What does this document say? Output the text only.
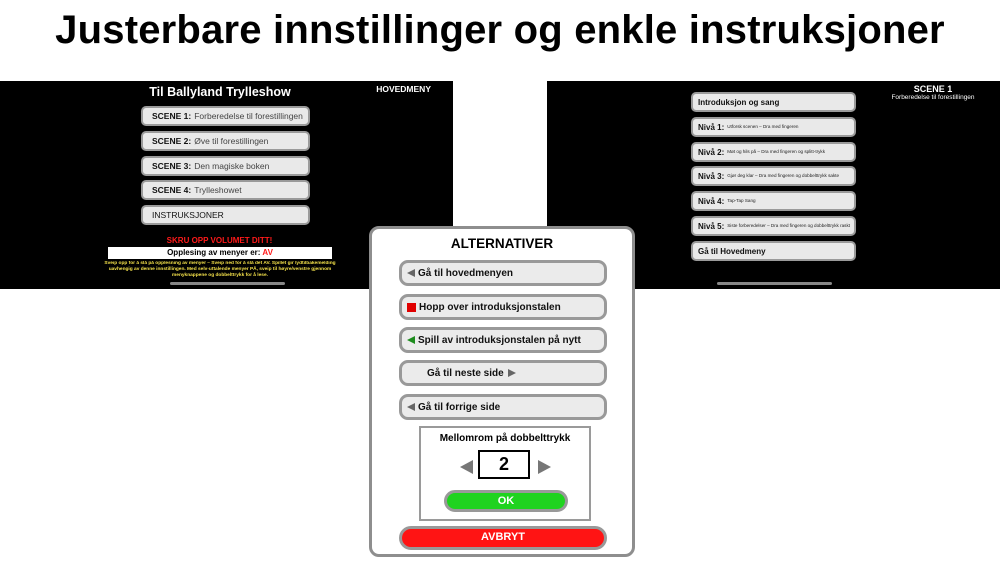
Justerbare innstillinger og enkle instruksjoner
Til Ballyland Trylleshow	HOVEDMENY
SCENE 1: Forberedelse til forestillingen
SCENE 2: Øve til forestillingen
SCENE 3: Den magiske boken
SCENE 4: Trylleshowet
INSTRUKSJONER
SKRU OPP VOLUMET DITT!
Opplesing av menyer er: AV
Sveip opp for å slå på opplesning av menyer – Sveip ned for å slå det AV. Spillet gir lydtilbakemelding uavhengig av denne innstillingen. Med selv-uttalende menyer PÅ, sveip til høyre/venstre gjennom menyknappene og dobbelttrykk for å lese.
SCENE 1
Forberedelse til forestillingen
Introduksjon og sang
Nivå 1: Utforsk scenen – Dra med fingeren
Nivå 2: Møt og hils på – Dra med fingeren og splitt-trykk
Nivå 3: Gjør deg klar – Dra med fingeren og dobbelttrykk sakte
Nivå 4: Tap-Tap Sang
Nivå 5: Siste forberedelser – Dra med fingeren og dobbelttrykk raskt
Gå til Hovedmeny
ALTERNATIVER
Gå til hovedmenyen
Hopp over introduksjonstalen
Spill av introduksjonstalen på nytt
Gå til neste side
Gå til forrige side
Mellomrom på dobbelttrykk
2
OK
AVBRYT
